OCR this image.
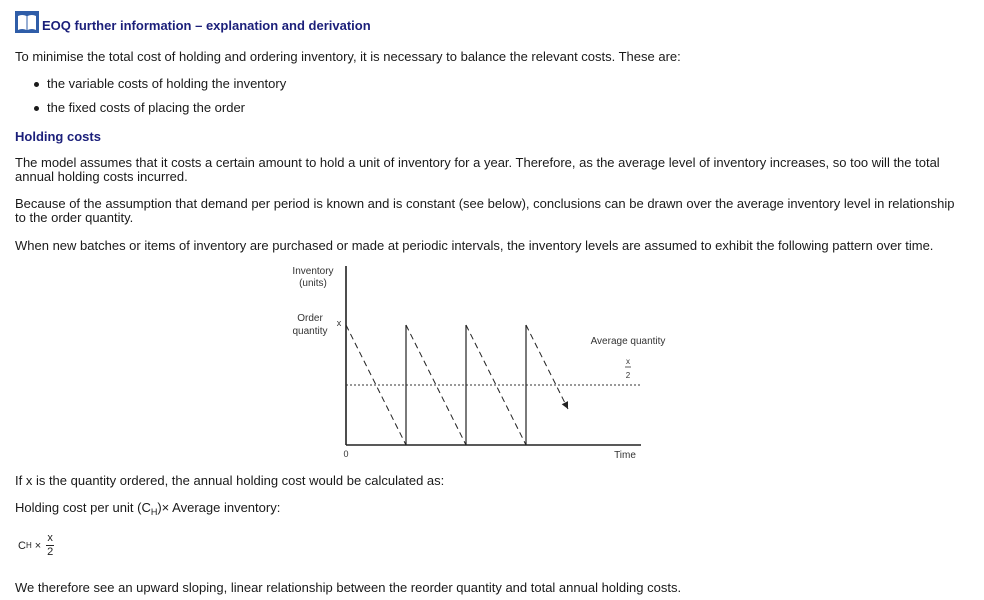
EOQ further information – explanation and derivation
To minimise the total cost of holding and ordering inventory, it is necessary to balance the relevant costs. These are:
the variable costs of holding the inventory
the fixed costs of placing the order
Holding costs
The model assumes that it costs a certain amount to hold a unit of inventory for a year. Therefore, as the average level of inventory increases, so too will the total annual holding costs incurred.
Because of the assumption that demand per period is known and is constant (see below), conclusions can be drawn over the average inventory level in relationship to the order quantity.
When new batches or items of inventory are purchased or made at periodic intervals, the inventory levels are assumed to exhibit the following pattern over time.
Inventory
(units)
Order
quantity
x
Average quantity
x
2
0	Time
If x is the quantity ordered, the annual holding cost would be calculated as:
Holding cost per unit $(C_H)\times$ Average inventory:
C $H \times \frac{x}{2}$
We therefore see an upward sloping, linear relationship between the reorder quantity and total annual holding costs.
